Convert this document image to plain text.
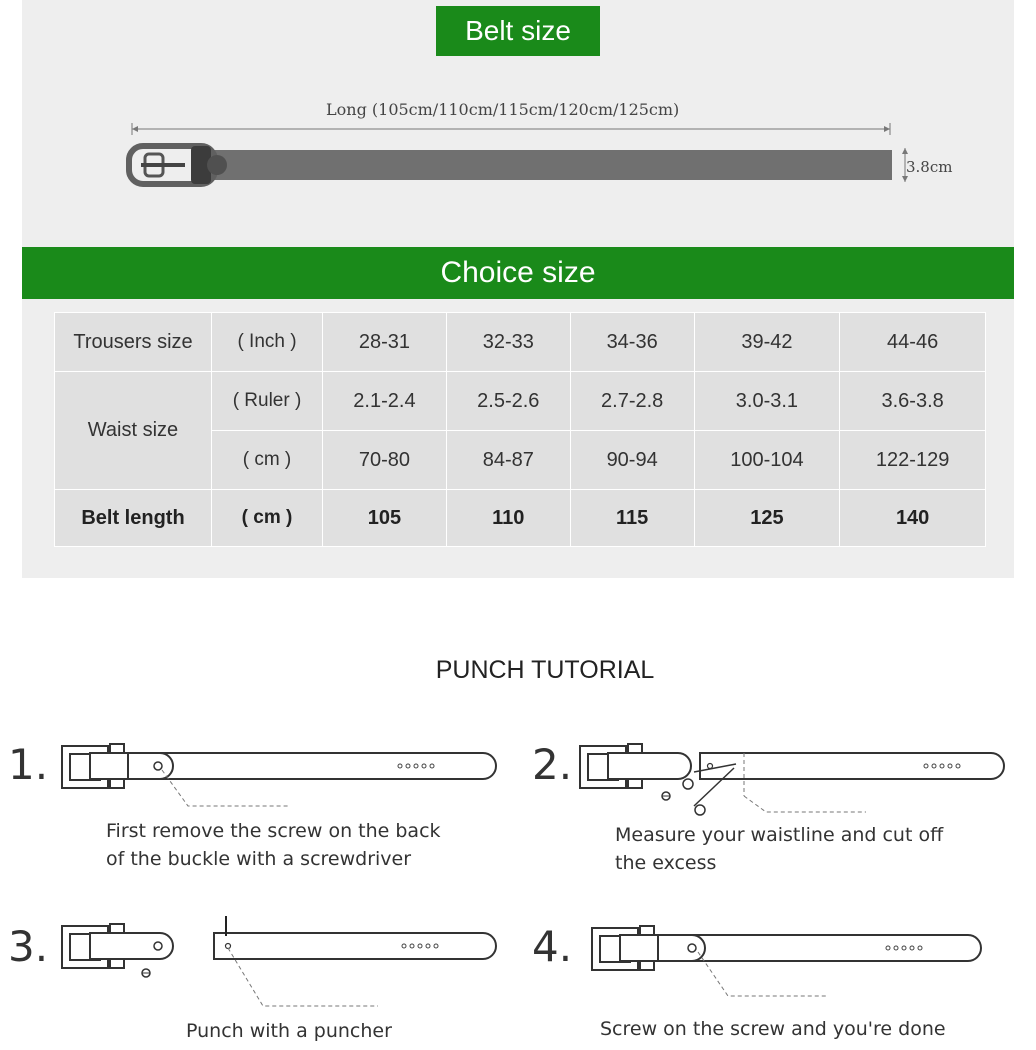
Belt size
Long (105cm/110cm/115cm/120cm/125cm)
3.8cm
Choice size
Trousers size	( Inch )	28-31	32-33	34-36	39-42	44-46
Waist size	( Ruler )	2.1-2.4	2.5-2.6	2.7-2.8	3.0-3.1	3.6-3.8
	( cm )	70-80	84-87	90-94	100-104	122-129
Belt length	( cm )	105	110	115	125	140
PUNCH TUTORIAL
1.
First remove the screw on the back
of the buckle with a screwdriver
2.
Measure your waistline and cut off
the excess
3.
Punch with a puncher
4.
Screw on the screw and you're done
